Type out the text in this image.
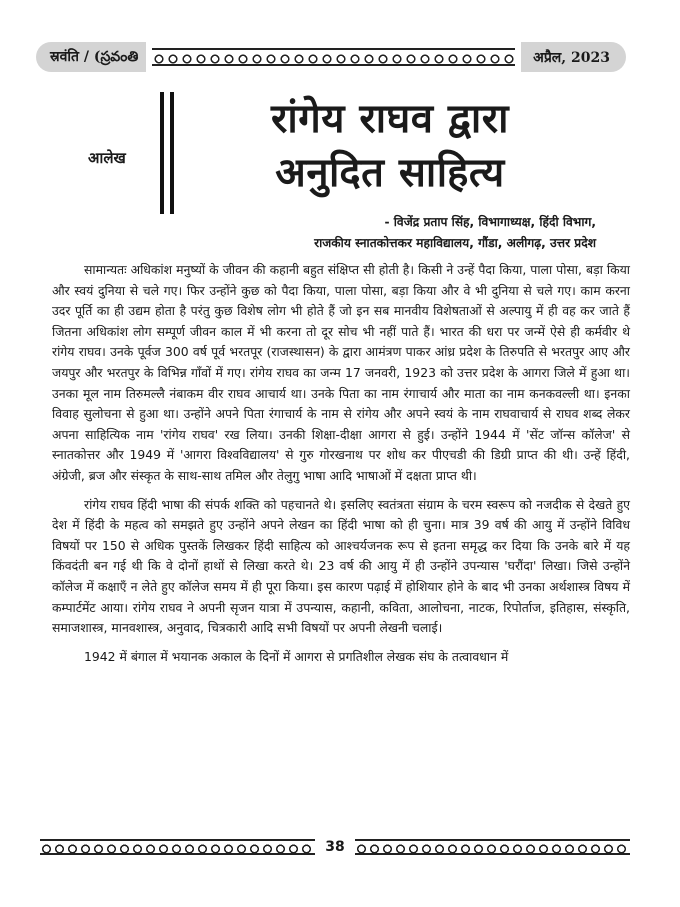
स्रवंति / (స్రవంతి	अप्रैल, 2023
आलेख
रांगेय राघव द्वारा
अनुदित साहित्य
- विजेंद्र प्रताप सिंह, विभागाध्यक्ष, हिंदी विभाग,
राजकीय स्नातकोत्तकर महाविद्यालय, गौंडा, अलीगढ़, उत्तर प्रदेश

सामान्यतः अधिकांश मनुष्यों के जीवन की कहानी बहुत संक्षिप्त सी होती है। किसी ने उन्हें पैदा किया, पाला पोसा, बड़ा किया और स्वयं दुनिया से चले गए। फिर उन्होंने कुछ को पैदा किया, पाला पोसा, बड़ा किया और वे भी दुनिया से चले गए। काम करना उदर पूर्ति का ही उद्यम होता है परंतु कुछ विशेष लोग भी होते हैं जो इन सब मानवीय विशेषताओं से अल्पायु में ही वह कर जाते हैं जितना अधिकांश लोग सम्पूर्ण जीवन काल में भी करना तो दूर सोच भी नहीं पाते हैं। भारत की धरा पर जन्में ऐसे ही कर्मवीर थे रांगेय राघव। उनके पूर्वज 300 वर्ष पूर्व भरतपूर (राजस्थासन) के द्वारा आमंत्रण पाकर आंध्र प्रदेश के तिरुपति से भरतपुर आए और जयपुर और भरतपुर के विभिन्न गाँवों में गए। रांगेय राघव का जन्म 17 जनवरी, 1923 को उत्तर प्रदेश के आगरा जिले में हुआ था। उनका मूल नाम तिरुमल्लै नंबाकम वीर राघव आचार्य था। उनके पिता का नाम रंगाचार्य और माता का नाम कनकवल्ली था। इनका विवाह सुलोचना से हुआ था। उन्होंने अपने पिता रंगाचार्य के नाम से रांगेय और अपने स्वयं के नाम राघवाचार्य से राघव शब्द लेकर अपना साहित्यिक नाम 'रांगेय राघव' रख लिया। उनकी शिक्षा-दीक्षा आगरा से हुई। उन्होंने 1944 में 'सेंट जॉन्स कॉलेज' से स्नातकोत्तर और 1949 में 'आगरा विश्वविद्यालय' से गुरु गोरखनाथ पर शोध कर पीएचडी की डिग्री प्राप्त की थी। उन्हें हिंदी, अंग्रेजी, ब्रज और संस्कृत के साथ-साथ तमिल और तेलुगु भाषा आदि भाषाओं में दक्षता प्राप्त थी।

रांगेय राघव हिंदी भाषा की संपर्क शक्ति को पहचानते थे। इसलिए स्वतंत्रता संग्राम के चरम स्वरूप को नजदीक से देखते हुए देश में हिंदी के महत्व को समझते हुए उन्होंने अपने लेखन का हिंदी भाषा को ही चुना। मात्र 39 वर्ष की आयु में उन्होंने विविध विषयों पर 150 से अधिक पुस्तकें लिखकर हिंदी साहित्य को आश्चर्यजनक रूप से इतना समृद्ध कर दिया कि उनके बारे में यह किंवदंती बन गई थी कि वे दोनों हाथों से लिखा करते थे। 23 वर्ष की आयु में ही उन्होंने उपन्यास 'घरौंदा' लिखा। जिसे उन्होंने कॉलेज में कक्षाएँ न लेते हुए कॉलेज समय में ही पूरा किया। इस कारण पढ़ाई में होशियार होने के बाद भी उनका अर्थशास्त्र विषय में कम्पार्टमेंट आया। रांगेय राघव ने अपनी सृजन यात्रा में उपन्यास, कहानी, कविता, आलोचना, नाटक, रिपोर्ताज, इतिहास, संस्कृति, समाजशास्त्र, मानवशास्त्र, अनुवाद, चित्रकारी आदि सभी विषयों पर अपनी लेखनी चलाई।

1942 में बंगाल में भयानक अकाल के दिनों में आगरा से प्रगतिशील लेखक संघ के तत्वावधान में

38
